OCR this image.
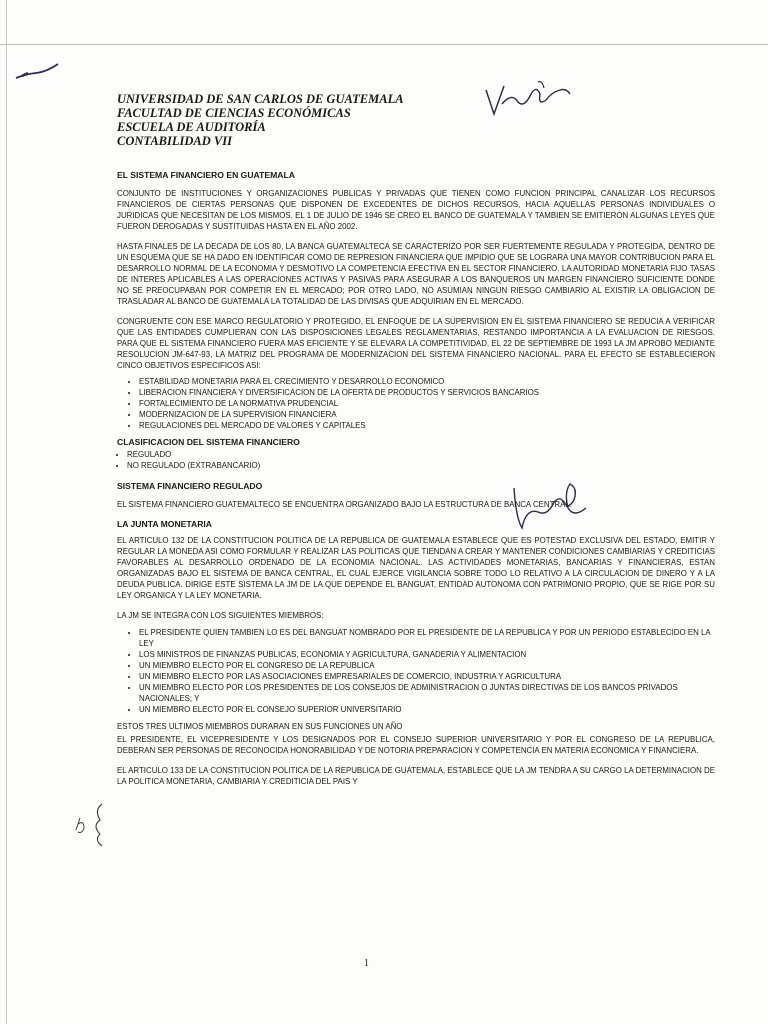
UNIVERSIDAD DE SAN CARLOS DE GUATEMALA
FACULTAD DE CIENCIAS ECONÓMICAS
ESCUELA DE AUDITORÍA
CONTABILIDAD VII
EL SISTEMA FINANCIERO EN GUATEMALA
CONJUNTO DE INSTITUCIONES Y ORGANIZACIONES PUBLICAS Y PRIVADAS QUE TIENEN COMO FUNCION PRINCIPAL CANALIZAR LOS RECURSOS FINANCIEROS DE CIERTAS PERSONAS QUE DISPONEN DE EXCEDENTES DE DICHOS RECURSOS, HACIA AQUELLAS PERSONAS INDIVIDUALES O JURIDICAS QUE NECESITAN DE LOS MISMOS. EL 1 DE JULIO DE 1946 SE CREO EL BANCO DE GUATEMALA Y TAMBIEN SE EMITIERON ALGUNAS LEYES QUE FUERON DEROGADAS Y SUSTITUIDAS HASTA EN EL AÑO 2002.
HASTA FINALES DE LA DECADA DE LOS 80, LA BANCA GUATEMALTECA SE CARACTERIZO POR SER FUERTEMENTE REGULADA Y PROTEGIDA, DENTRO DE UN ESQUEMA QUE SE HA DADO EN IDENTIFICAR COMO DE REPRESION FINANCIERA QUE IMPIDIO QUE SE LOGRARA UNA MAYOR CONTRIBUCION PARA EL DESARROLLO NORMAL DE LA ECONOMIA Y DESMOTIVO LA COMPETENCIA EFECTIVA EN EL SECTOR FINANCIERO. LA AUTORIDAD MONETARIA FIJO TASAS DE INTERES APLICABLES A LAS OPERACIONES ACTIVAS Y PASIVAS PARA ASEGURAR A LOS BANQUEROS UN MARGEN FINANCIERO SUFICIENTE DONDE NO SE PREOCUPABAN POR COMPETIR EN EL MERCADO; POR OTRO LADO, NO ASUMIAN NINGUN RIESGO CAMBIARIO AL EXISTIR LA OBLIGACION DE TRASLADAR AL BANCO DE GUATEMALA LA TOTALIDAD DE LAS DIVISAS QUE ADQUIRIAN EN EL MERCADO.
CONGRUENTE CON ESE MARCO REGULATORIO Y PROTEGIDO, EL ENFOQUE DE LA SUPERVISION EN EL SISTEMA FINANCIERO SE REDUCIA A VERIFICAR QUE LAS ENTIDADES CUMPLIERAN CON LAS DISPOSICIONES LEGALES REGLAMENTARIAS, RESTANDO IMPORTANCIA A LA EVALUACION DE RIESGOS. PARA QUE EL SISTEMA FINANCIERO FUERA MAS EFICIENTE Y SE ELEVARA LA COMPETITIVIDAD, EL 22 DE SEPTIEMBRE DE 1993 LA JM APROBO MEDIANTE RESOLUCION JM-647-93, LA MATRIZ DEL PROGRAMA DE MODERNIZACION DEL SISTEMA FINANCIERO NACIONAL. PARA EL EFECTO SE ESTABLECIERON CINCO OBJETIVOS ESPECIFICOS ASI:
• ESTABILIDAD MONETARIA PARA EL CRECIMIENTO Y DESARROLLO ECONOMICO
• LIBERACION FINANCIERA Y DIVERSIFICACION DE LA OFERTA DE PRODUCTOS Y SERVICIOS BANCARIOS
• FORTALECIMIENTO DE LA NORMATIVA PRUDENCIAL
• MODERNIZACION DE LA SUPERVISION FINANCIERA
• REGULACIONES DEL MERCADO DE VALORES Y CAPITALES
CLASIFICACION DEL SISTEMA FINANCIERO
• REGULADO
• NO REGULADO (EXTRABANCARIO)
SISTEMA FINANCIERO REGULADO
EL SISTEMA FINANCIERO GUATEMALTECO SE ENCUENTRA ORGANIZADO BAJO LA ESTRUCTURA DE BANCA CENTRAL.
LA JUNTA MONETARIA
EL ARTICULO 132 DE LA CONSTITUCION POLITICA DE LA REPUBLICA DE GUATEMALA ESTABLECE QUE ES POTESTAD EXCLUSIVA DEL ESTADO, EMITIR Y REGULAR LA MONEDA ASI COMO FORMULAR Y REALIZAR LAS POLITICAS QUE TIENDAN A CREAR Y MANTENER CONDICIONES CAMBIARIAS Y CREDITICIAS FAVORABLES AL DESARROLLO ORDENADO DE LA ECONOMIA NACIONAL. LAS ACTIVIDADES MONETARIAS, BANCARIAS Y FINANCIERAS, ESTAN ORGANIZADAS BAJO EL SISTEMA DE BANCA CENTRAL, EL CUAL EJERCE VIGILANCIA SOBRE TODO LO RELATIVO A LA CIRCULACION DE DINERO Y A LA DEUDA PUBLICA. DIRIGE ESTE SISTEMA LA JM DE LA QUE DEPENDE EL BANGUAT, ENTIDAD AUTONOMA CON PATRIMONIO PROPIO, QUE SE RIGE POR SU LEY ORGANICA Y LA LEY MONETARIA.
LA JM SE INTEGRA CON LOS SIGUIENTES MIEMBROS:
• EL PRESIDENTE QUIEN TAMBIEN LO ES DEL BANGUAT NOMBRADO POR EL PRESIDENTE DE LA REPUBLICA Y POR UN PERIODO ESTABLECIDO EN LA LEY
• LOS MINISTROS DE FINANZAS PUBLICAS, ECONOMIA Y AGRICULTURA, GANADERIA Y ALIMENTACION
• UN MIEMBRO ELECTO POR EL CONGRESO DE LA REPUBLICA
• UN MIEMBRO ELECTO POR LAS ASOCIACIONES EMPRESARIALES DE COMERCIO, INDUSTRIA Y AGRICULTURA
• UN MIEMBRO ELECTO POR LOS PRESIDENTES DE LOS CONSEJOS DE ADMINISTRACION O JUNTAS DIRECTIVAS DE LOS BANCOS PRIVADOS NACIONALES; Y
• UN MIEMBRO ELECTO POR EL CONSEJO SUPERIOR UNIVERSITARIO
ESTOS TRES ULTIMOS MIEMBROS DURARAN EN SUS FUNCIONES UN AÑO
EL PRESIDENTE, EL VICEPRESIDENTE Y LOS DESIGNADOS POR EL CONSEJO SUPERIOR UNIVERSITARIO Y POR EL CONGRESO DE LA REPUBLICA, DEBERAN SER PERSONAS DE RECONOCIDA HONORABILIDAD Y DE NOTORIA PREPARACION Y COMPETENCIA EN MATERIA ECONOMICA Y FINANCIERA.
EL ARTICULO 133 DE LA CONSTITUCION POLITICA DE LA REPUBLICA DE GUATEMALA, ESTABLECE QUE LA JM TENDRA A SU CARGO LA DETERMINACION DE LA POLITICA MONETARIA, CAMBIARIA Y CREDITICIA DEL PAIS Y
1
